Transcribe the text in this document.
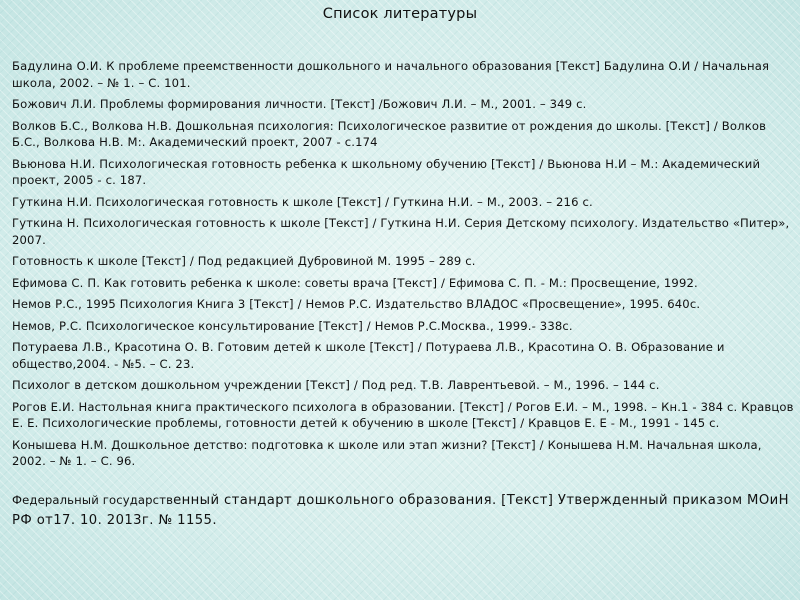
Список литературы

Бадулина О.И. К проблеме преемственности дошкольного и начального образования [Текст] Бадулина О.И / Начальная школа, 2002. – № 1. – С. 101.

Божович Л.И. Проблемы формирования личности. [Текст] /Божович Л.И. – М., 2001. – 349 с.

Волков Б.С., Волкова Н.В. Дошкольная психология: Психологическое развитие от рождения до школы. [Текст] / Волков Б.С., Волкова Н.В. М:. Академический проект, 2007 - с.174

Вьюнова Н.И. Психологическая готовность ребенка к школьному обучению [Текст] / Вьюнова Н.И – М.: Академический проект, 2005 - с. 187.

Гуткина Н.И. Психологическая готовность к школе [Текст] / Гуткина Н.И. – М., 2003. – 216 с.

Гуткина Н. Психологическая готовность к школе [Текст] / Гуткина Н.И. Серия Детскому психологу. Издательство «Питер», 2007.

Готовность к школе [Текст] / Под редакцией Дубровиной М. 1995 – 289 с.

Ефимова С. П. Как готовить ребенка к школе: советы врача [Текст] / Ефимова С. П. - М.: Просвещение, 1992.

Немов Р.С., 1995 Психология Книга 3 [Текст] / Немов Р.С. Издательство ВЛАДОС «Просвещение», 1995. 640с.

Немов, Р.С. Психологическое консультирование [Текст] / Немов Р.С.Москва., 1999.- 338с.

Потураева Л.В., Красотина О. В. Готовим детей к школе [Текст] / Потураева Л.В., Красотина О. В. Образование и общество,2004. - №5. – С. 23.

Психолог в детском дошкольном учреждении [Текст] / Под ред. Т.В. Лаврентьевой. – М., 1996. – 144 с.

Рогов Е.И. Настольная книга практического психолога в образовании. [Текст] / Рогов Е.И. – М., 1998. – Кн.1 - 384 с. Кравцов Е. Е. Психологические проблемы, готовности детей к обучению в школе [Текст] / Кравцов Е. Е - М., 1991 - 145 с.

Конышева Н.М. Дошкольное детство: подготовка к школе или этап жизни? [Текст] / Конышева Н.М. Начальная школа, 2002. – № 1. – С. 96.

Федеральный государственный стандарт дошкольного образования. [Текст] Утвержденный приказом МОиН РФ от17. 10. 2013г. № 1155.
